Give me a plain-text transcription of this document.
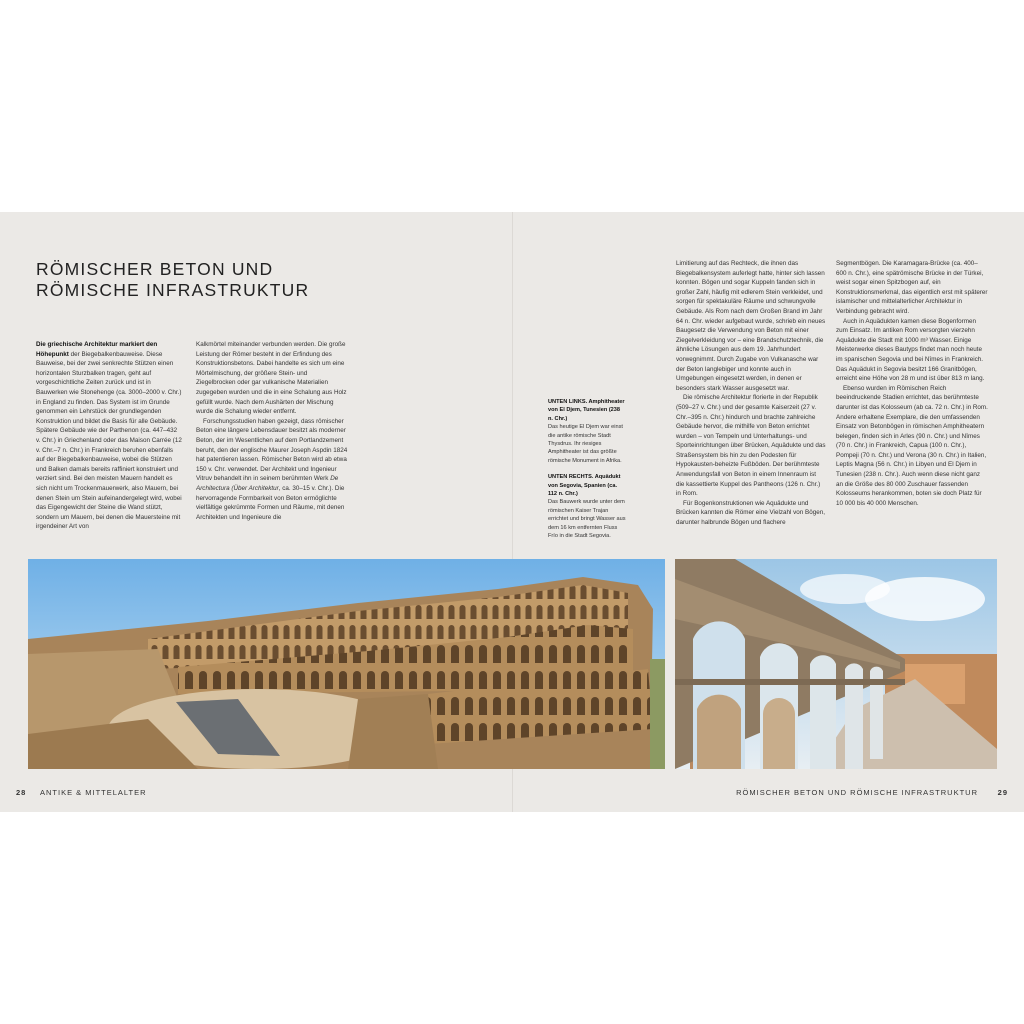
RÖMISCHER BETON UND
RÖMISCHE INFRASTRUKTUR

Die griechische Architektur markiert den Höhepunkt der Biegebalkenbauweise. Diese Bauweise, bei der zwei senkrechte Stützen einen horizontalen Sturzbalken tragen, geht auf vorgeschichtliche Zeiten zurück und ist in Bauwerken wie Stonehenge (ca. 3000–2000 v. Chr.) in England zu finden. Das System ist im Grunde genommen ein Lehrstück der grundlegenden Konstruktion und bildet die Basis für alle Gebäude. Spätere Gebäude wie der Parthenon (ca. 447–432 v. Chr.) in Griechenland oder das Maison Carrée (12 v. Chr.–7 n. Chr.) in Frankreich beruhen ebenfalls auf der Biegebalkenbauweise, wobei die Stützen und Balken damals bereits raffiniert konstruiert und verziert sind. Bei den meisten Mauern handelt es sich nicht um Trockenmauerwerk, also Mauern, bei denen Stein um Stein aufeinandergelegt wird, wobei das Eigengewicht der Steine die Wand stützt, sondern um Mauern, bei denen die Mauersteine mit irgendeiner Art von

Kalkmörtel miteinander verbunden werden. Die große Leistung der Römer besteht in der Erfindung des Konstruktionsbetons. Dabei handelte es sich um eine Mörtelmischung, der größere Stein- und Ziegelbrocken oder gar vulkanische Materialien zugegeben wurden und die in eine Schalung aus Holz gefüllt wurde. Nach dem Aushärten der Mischung wurde die Schalung wieder entfernt.

Forschungsstudien haben gezeigt, dass römischer Beton eine längere Lebensdauer besitzt als moderner Beton, der im Wesentlichen auf dem Portlandzement beruht, den der englische Maurer Joseph Aspdin 1824 hat patentieren lassen. Römischer Beton wird ab etwa 150 v. Chr. verwendet. Der Architekt und Ingenieur Vitruv behandelt ihn in seinem berühmten Werk De Architectura (Über Architektur, ca. 30–15 v. Chr.). Die hervorragende Formbarkeit von Beton ermöglichte vielfältige gekrümmte Formen und Räume, mit denen Architekten und Ingenieure die

UNTEN LINKS. Amphitheater von El Djem, Tunesien (238 n. Chr.)

Das heutige El Djem war einst die antike römische Stadt Thysdrus. Ihr riesiges Amphitheater ist das größte römische Monument in Afrika.

UNTEN RECHTS. Aquädukt von Segovia, Spanien (ca. 112 n. Chr.)

Das Bauwerk wurde unter dem römischen Kaiser Trajan errichtet und bringt Wasser aus dem 16 km entfernten Fluss Frío in die Stadt Segovia.

Limitierung auf das Rechteck, die ihnen das Biegebalkensystem auferlegt hatte, hinter sich lassen konnten. Bögen und sogar Kuppeln fanden sich in großer Zahl, häufig mit edlerem Stein verkleidet, und sorgen für spektakuläre Räume und schwungvolle Gebäude. Als Rom nach dem Großen Brand im Jahr 64 n. Chr. wieder aufgebaut wurde, schrieb ein neues Baugesetz die Verwendung von Beton mit einer Ziegelverkleidung vor – eine Brandschutztechnik, die ähnliche Lösungen aus dem 19. Jahrhundert vorwegnimmt. Durch Zugabe von Vulkanasche war der Beton langlebiger und konnte auch in Umgebungen eingesetzt werden, in denen er besonders stark Wasser ausgesetzt war.

Die römische Architektur florierte in der Republik (509–27 v. Chr.) und der gesamte Kaiserzeit (27 v. Chr.–395 n. Chr.) hindurch und brachte zahlreiche Gebäude hervor, die mithilfe von Beton errichtet wurden – von Tempeln und Unterhaltungs- und Sporteinrichtungen über Brücken, Aquädukte und das Straßensystem bis hin zu den Podesten für Hypokausten-beheizte Fußböden. Der berühmteste Anwendungsfall von Beton in einem Innenraum ist die kassettierte Kuppel des Pantheons (126 n. Chr.) in Rom.

Für Bogenkonstruktionen wie Aquädukte und Brücken kannten die Römer eine Vielzahl von Bögen, darunter halbrunde Bögen und flachere

Segmentbögen. Die Karamagara-Brücke (ca. 400–600 n. Chr.), eine spätrömische Brücke in der Türkei, weist sogar einen Spitzbogen auf, ein Konstruktionsmerkmal, das eigentlich erst mit späterer islamischer und mittelalterlicher Architektur in Verbindung gebracht wird.

Auch in Aquädukten kamen diese Bogenformen zum Einsatz. Im antiken Rom versorgten vierzehn Aquädukte die Stadt mit 1000 m³ Wasser. Einige Meisterwerke dieses Bautyps findet man noch heute im spanischen Segovia und bei Nîmes in Frankreich. Das Aquädukt in Segovia besitzt 166 Granitbögen, erreicht eine Höhe von 28 m und ist über 813 m lang.

Ebenso wurden im Römischen Reich beeindruckende Stadien errichtet, das berühmteste darunter ist das Kolosseum (ab ca. 72 n. Chr.) in Rom. Andere erhaltene Exemplare, die den umfassenden Einsatz von Betonbögen in römischen Amphitheatern belegen, finden sich in Arles (90 n. Chr.) und Nîmes (70 n. Chr.) in Frankreich, Capua (100 n. Chr.), Pompeji (70 n. Chr.) und Verona (30 n. Chr.) in Italien, Leptis Magna (56 n. Chr.) in Libyen und El Djem in Tunesien (238 n. Chr.). Auch wenn diese nicht ganz an die Größe des 80 000 Zuschauer fassenden Kolosseums herankommen, boten sie doch Platz für 10 000 bis 40 000 Menschen.

28 ANTIKE & MITTELALTER	RÖMISCHER BETON UND RÖMISCHE INFRASTRUKTUR	29
